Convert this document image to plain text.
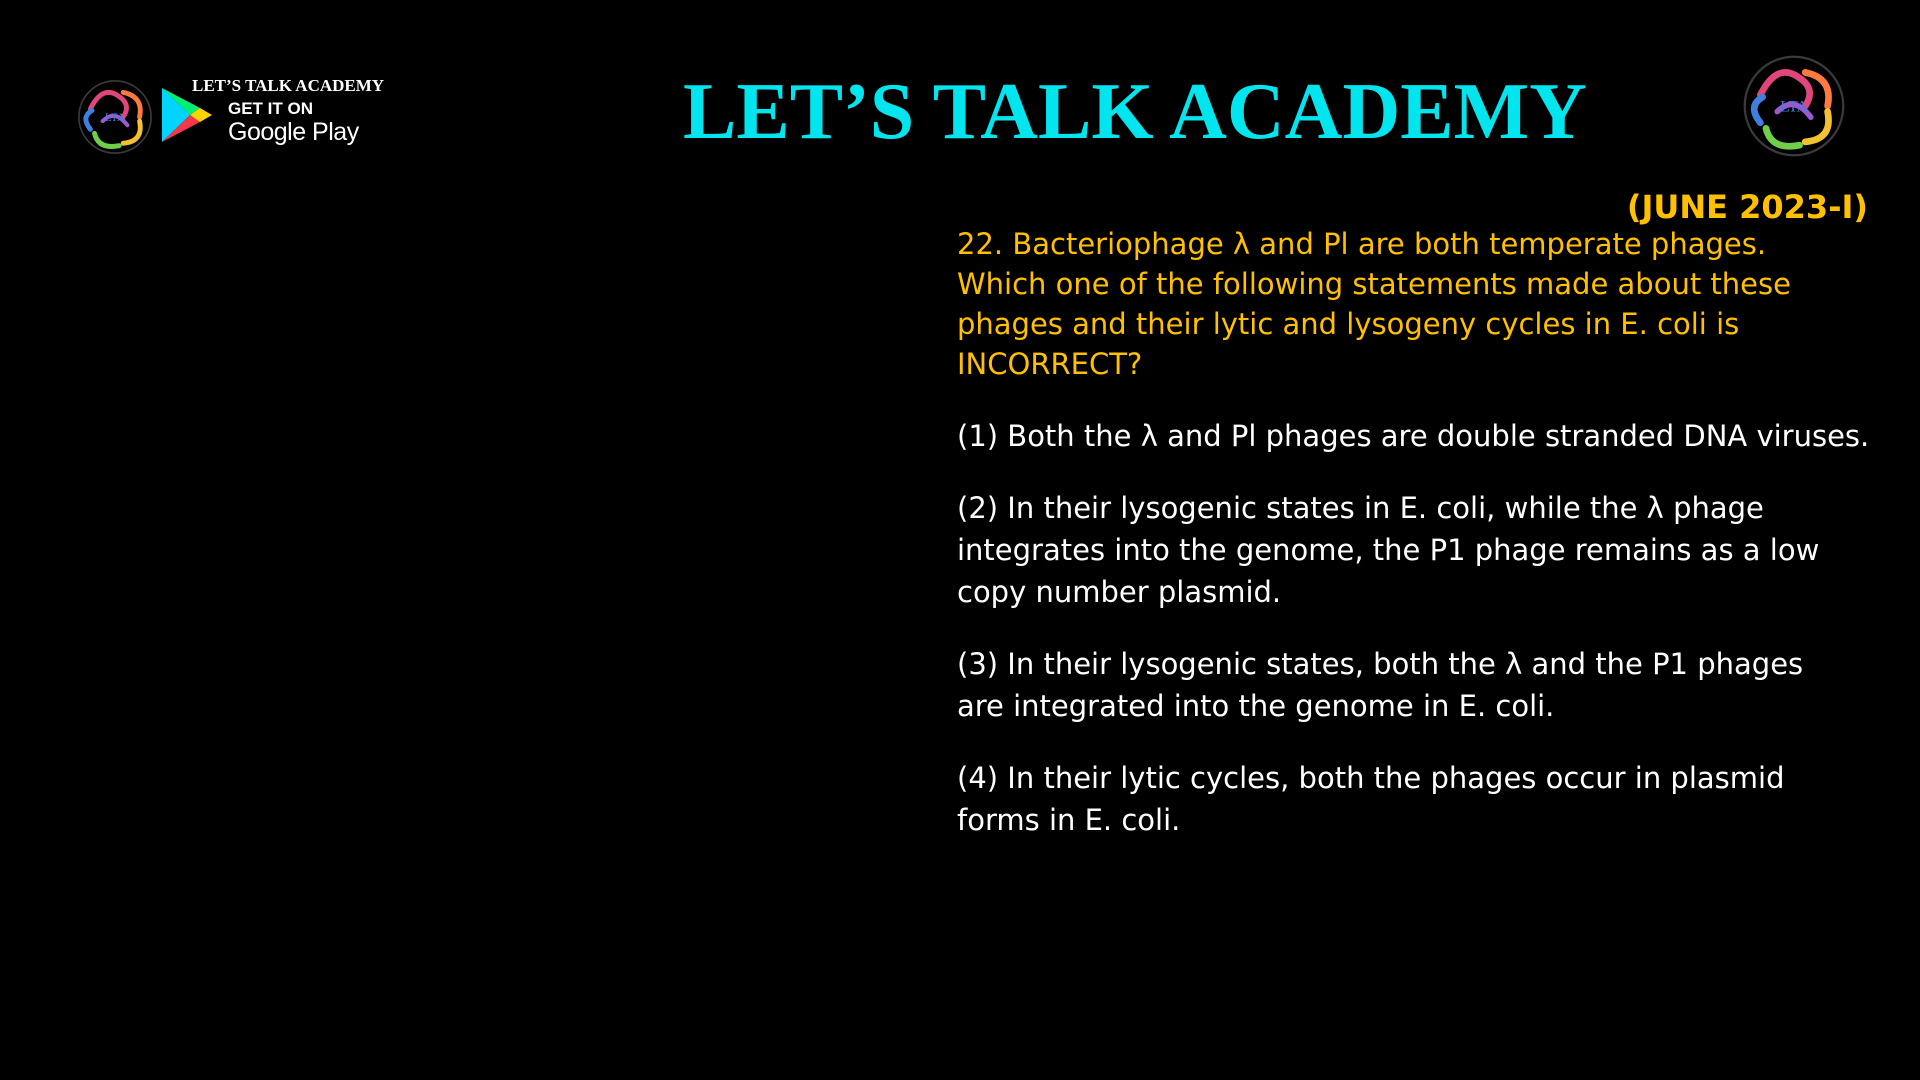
LTA
LET’S TALK ACADEMY
GET IT ON
Google Play	LET’S TALK ACADEMY	LTA
(JUNE 2023-I)

22. Bacteriophage λ and Pl are both temperate phages. Which one of the following statements made about these phages and their lytic and lysogeny cycles in E. coli is INCORRECT?

(1) Both the λ and Pl phages are double stranded DNA viruses.

(2) In their lysogenic states in E. coli, while the λ phage integrates into the genome, the P1 phage remains as a low copy number plasmid.

(3) In their lysogenic states, both the λ and the P1 phages are integrated into the genome in E. coli.

(4) In their lytic cycles, both the phages occur in plasmid forms in E. coli.
